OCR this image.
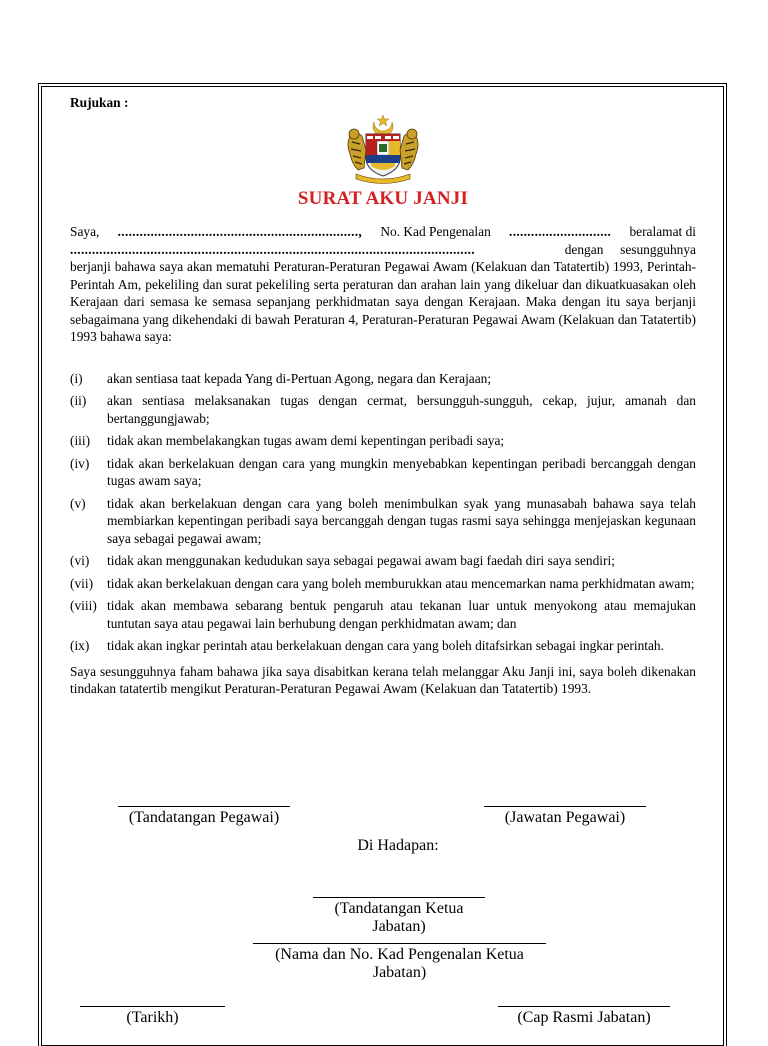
Rujukan :

SURAT AKU JANJI
Saya, .................................................................., No. Kad Pengenalan ............................ beralamat di
...............................................................................................................	dengan     sesungguhnya

berjanji bahawa saya akan mematuhi Peraturan-Peraturan Pegawai Awam (Kelakuan dan Tatatertib) 1993, Perintah-Perintah Am, pekeliling dan surat pekeliling serta peraturan dan arahan lain yang dikeluar dan dikuatkuasakan oleh Kerajaan dari semasa ke semasa sepanjang perkhidmatan saya dengan Kerajaan. Maka dengan itu saya berjanji sebagaimana yang dikehendaki di bawah Peraturan 4, Peraturan-Peraturan Pegawai Awam (Kelakuan dan Tatatertib) 1993 bahawa saya:

(i)	akan sentiasa taat kepada Yang di-Pertuan Agong, negara dan Kerajaan;
(ii)	akan sentiasa melaksanakan tugas dengan cermat, bersungguh-sungguh, cekap, jujur, amanah dan bertanggungjawab;
(iii)	tidak akan membelakangkan tugas awam demi kepentingan peribadi saya;
(iv)	tidak akan berkelakuan dengan cara yang mungkin menyebabkan kepentingan peribadi bercanggah dengan tugas awam saya;
(v)	tidak akan berkelakuan dengan cara yang boleh menimbulkan syak yang munasabah bahawa saya telah membiarkan kepentingan peribadi saya bercanggah dengan tugas rasmi saya sehingga menjejaskan kegunaan saya sebagai pegawai awam;
(vi)	tidak akan menggunakan kedudukan saya sebagai pegawai awam bagi faedah diri saya sendiri;
(vii)	tidak akan berkelakuan dengan cara yang boleh memburukkan atau mencemarkan nama perkhidmatan awam;
(viii) tidak akan membawa sebarang bentuk pengaruh atau tekanan luar untuk menyokong atau memajukan tuntutan saya atau pegawai lain berhubung dengan perkhidmatan awam; dan
(ix)	tidak akan ingkar perintah atau berkelakuan dengan cara yang boleh ditafsirkan sebagai ingkar perintah.

Saya sesungguhnya faham bahawa jika saya disabitkan kerana telah melanggar Aku Janji ini, saya boleh dikenakan tindakan tatatertib mengikut Peraturan-Peraturan Pegawai Awam (Kelakuan dan Tatatertib) 1993.

(Tandatangan Pegawai)	(Jawatan Pegawai)
Di Hadapan:
(Tandatangan Ketua Jabatan)
(Nama dan No. Kad Pengenalan Ketua Jabatan)
(Tarikh)	(Cap Rasmi Jabatan)
